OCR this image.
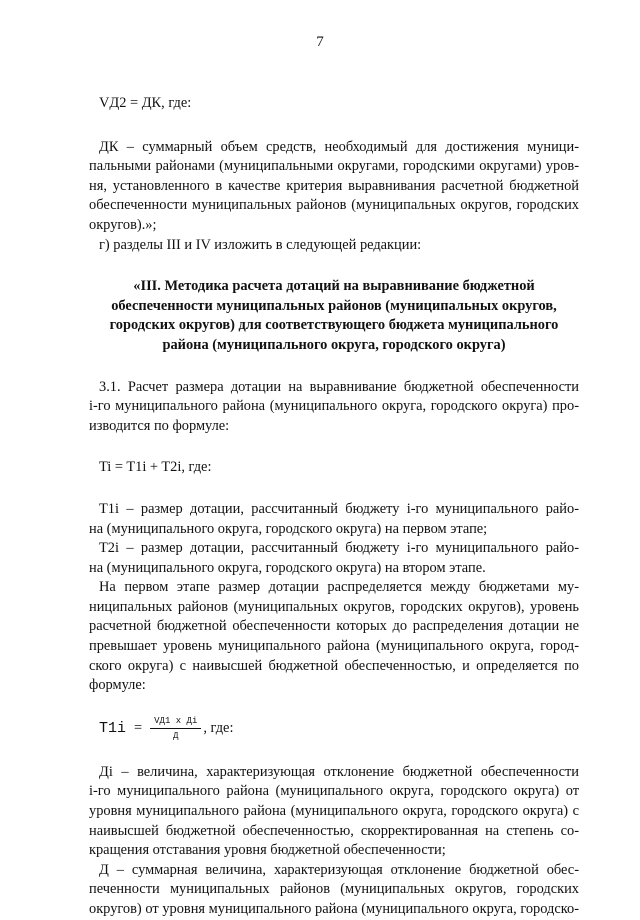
7

VД2 = ДК, где:

ДК – суммарный объем средств, необходимый для достижения муници-

пальными районами (муниципальными округами, городскими округами) уров-

ня, установленного в качестве критерия выравнивания расчетной бюджетной

обеспеченности муниципальных районов (муниципальных округов, городских

округов).»;

г) разделы III и IV изложить в следующей редакции:

«III. Методика расчета дотаций на выравнивание бюджетной

обеспеченности муниципальных районов (муниципальных округов,

городских округов) для соответствующего бюджета муниципального

района (муниципального округа, городского округа)

3.1. Расчет размера дотации на выравнивание бюджетной обеспеченности

i-го муниципального района (муниципального округа, городского округа) про-

изводится по формуле:

Ti = T1i + T2i, где:

T1i – размер дотации, рассчитанный бюджету i-го муниципального райо-

на (муниципального округа, городского округа) на первом этапе;

T2i – размер дотации, рассчитанный бюджету i-го муниципального райо-

на (муниципального округа, городского округа) на втором этапе.

На первом этапе размер дотации распределяется между бюджетами му-

ниципальных районов (муниципальных округов, городских округов), уровень

расчетной бюджетной обеспеченности которых до распределения дотации не

превышает уровень муниципального района (муниципального округа, город-

ского округа) с наивысшей бюджетной обеспеченностью, и определяется по

формуле:

$T1i = \frac{\text{VД1 x Дi}}{Д}$ , где:

Дi – величина, характеризующая отклонение бюджетной обеспеченности

i-го муниципального района (муниципального округа, городского округа) от

уровня муниципального района (муниципального округа, городского округа) с

наивысшей бюджетной обеспеченностью, скорректированная на степень со-

кращения отставания уровня бюджетной обеспеченности;

Д – суммарная величина, характеризующая отклонение бюджетной обес-

печенности муниципальных районов (муниципальных округов, городских

округов) от уровня муниципального района (муниципального округа, городско-
